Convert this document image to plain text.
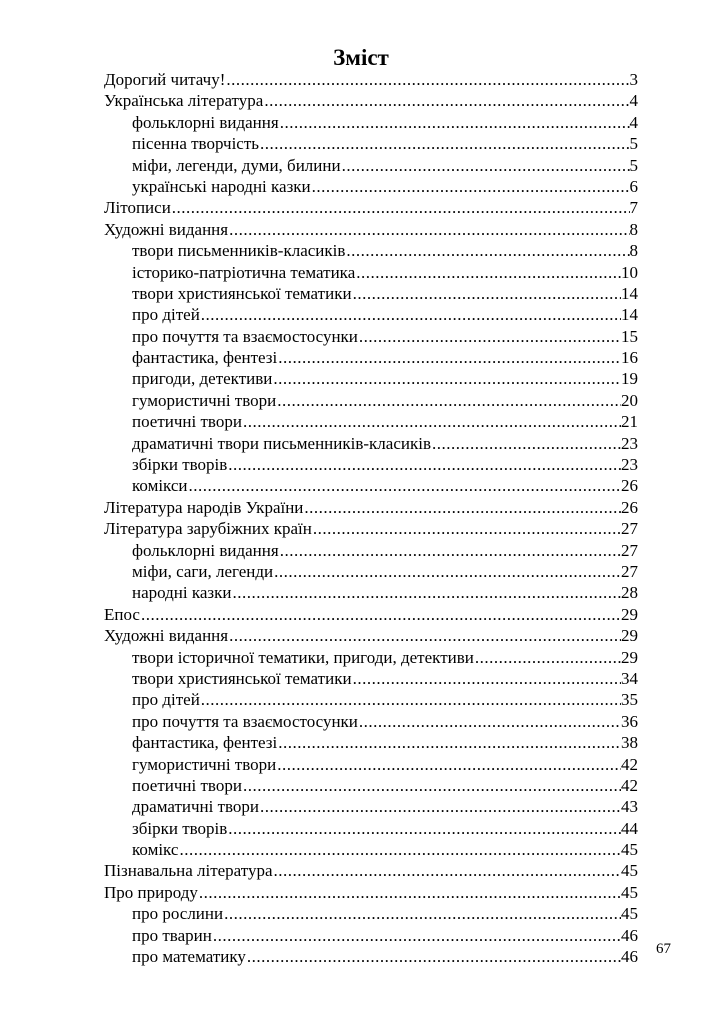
Зміст
Дорогий читачу! .....	3
Українська література .....	4
фольклорні видання .....	4
пісенна творчість .....	5
міфи, легенди, думи, билини .....	5
українські народні казки .....	6
Літописи .....	7
Художні видання .....	8
твори письменників-класиків .....	8
історико-патріотична тематика .....	10
твори християнської тематики .....	14
про дітей .....	14
про почуття та взаємостосунки .....	15
фантастика, фентезі .....	16
пригоди, детективи .....	19
гумористичні твори .....	20
поетичні твори .....	21
драматичні твори письменників-класиків .....	23
збірки творів .....	23
комікси .....	26
Література народів України .....	26
Література зарубіжних країн .....	27
фольклорні видання .....	27
міфи, саги, легенди .....	27
народні казки .....	28
Епос .....	29
Художні видання .....	29
твори історичної тематики, пригоди, детективи .....	29
твори християнської тематики .....	34
про дітей .....	35
про почуття та взаємостосунки .....	36
фантастика, фентезі .....	38
гумористичні твори .....	42
поетичні твори .....	42
драматичні твори .....	43
збірки творів .....	44
комікс .....	45
Пізнавальна література .....	45
Про природу .....	45
про рослини .....	45
про тварин .....	46
про математику .....	46 67
